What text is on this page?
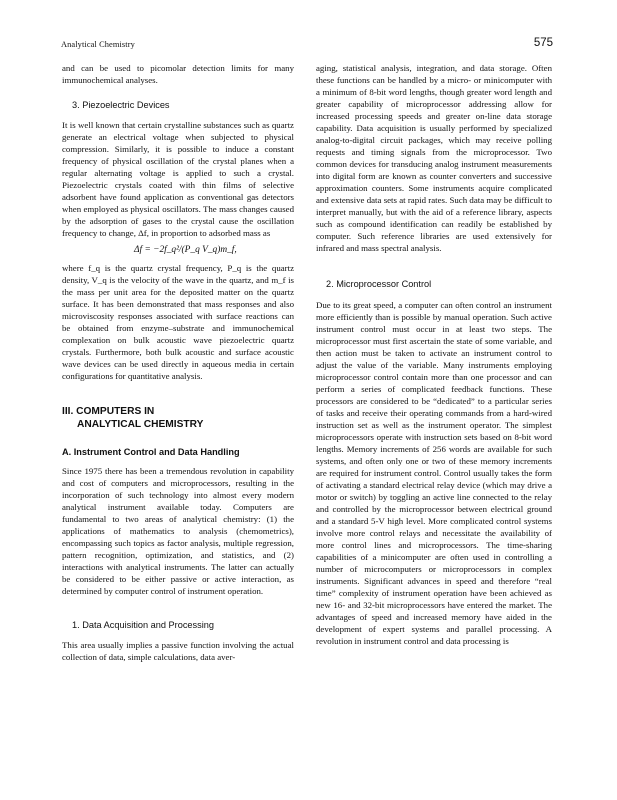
Analytical Chemistry	575

and can be used to picomolar detection limits for many immunochemical analyses.

3. Piezoelectric Devices

It is well known that certain crystalline substances such as quartz generate an electrical voltage when subjected to physical compression. Similarly, it is possible to induce a constant frequency of physical oscillation of the crystal planes when a regular alternating voltage is applied to such a crystal. Piezoelectric crystals coated with thin films of selective adsorbent have found application as conventional gas detectors when employed as physical oscillators. The mass changes caused by the adsorption of gases to the crystal cause the oscillation frequency to change, Δf, in proportion to adsorbed mass as

Δf = −2f_q²/(P_q V_q)m_f,

where f_q is the quartz crystal frequency, P_q is the quartz density, V_q is the velocity of the wave in the quartz, and m_f is the mass per unit area for the deposited matter on the quartz surface. It has been demonstrated that mass responses and also microviscosity responses associated with surface reactions can be obtained from enzyme–substrate and immunochemical complexation on bulk acoustic wave piezoelectric quartz crystals. Furthermore, both bulk acoustic and surface acoustic wave devices can be used directly in aqueous media in certain configurations for quantitative analysis.

III. COMPUTERS IN
ANALYTICAL CHEMISTRY
A. Instrument Control and Data Handling

Since 1975 there has been a tremendous revolution in capability and cost of computers and microprocessors, resulting in the incorporation of such technology into almost every modern analytical instrument available today. Computers are fundamental to two areas of analytical chemistry: (1) the applications of mathematics to analysis (chemometrics), encompassing such topics as factor analysis, multiple regression, pattern recognition, optimization, and statistics, and (2) interactions with analytical instruments. The latter can actually be considered to be either passive or active interaction, as determined by computer control of instrument operation.

1. Data Acquisition and Processing

This area usually implies a passive function involving the actual collection of data, simple calculations, data aver-

aging, statistical analysis, integration, and data storage. Often these functions can be handled by a micro- or minicomputer with a minimum of 8-bit word lengths, though greater word length and greater capability of microprocessor addressing allow for increased processing speeds and greater on-line data storage capability. Data acquisition is usually performed by specialized analog-to-digital circuit packages, which may receive polling requests and timing signals from the microprocessor. Two common devices for transducing analog instrument measurements into digital form are known as counter converters and successive approximation counters. Some instruments acquire complicated and extensive data sets at rapid rates. Such data may be difficult to interpret manually, but with the aid of a reference library, aspects such as compound identification can readily be established by computer. Such reference libraries are used extensively for infrared and mass spectral analysis.

2. Microprocessor Control

Due to its great speed, a computer can often control an instrument more efficiently than is possible by manual operation. Such active instrument control must occur in at least two steps. The microprocessor must first ascertain the state of some variable, and then action must be taken to activate an instrument control to adjust the value of the variable. Many instruments employing microprocessor control contain more than one processor and can perform a series of complicated feedback functions. These processors are considered to be “dedicated” to a particular series of tasks and receive their operating commands from a hard-wired instruction set as well as the instrument operator. The simplest microprocessors operate with instruction sets based on 8-bit word lengths. Memory increments of 256 words are available for such systems, and often only one or two of these memory increments are required for instrument control. Control usually takes the form of activating a standard electrical relay device (which may drive a motor or switch) by toggling an active line connected to the relay and controlled by the microprocessor between electrical ground and a standard 5-V high level. More complicated control systems involve more control relays and necessitate the availability of more control lines and microprocessors. The time-sharing capabilities of a minicomputer are often used in controlling a number of microcomputers or microprocessors in complex instruments. Significant advances in speed and therefore “real time” complexity of instrument operation have been achieved as new 16- and 32-bit microprocessors have entered the market. The advantages of speed and increased memory have aided in the development of expert systems and parallel processing. A revolution in instrument control and data processing is
